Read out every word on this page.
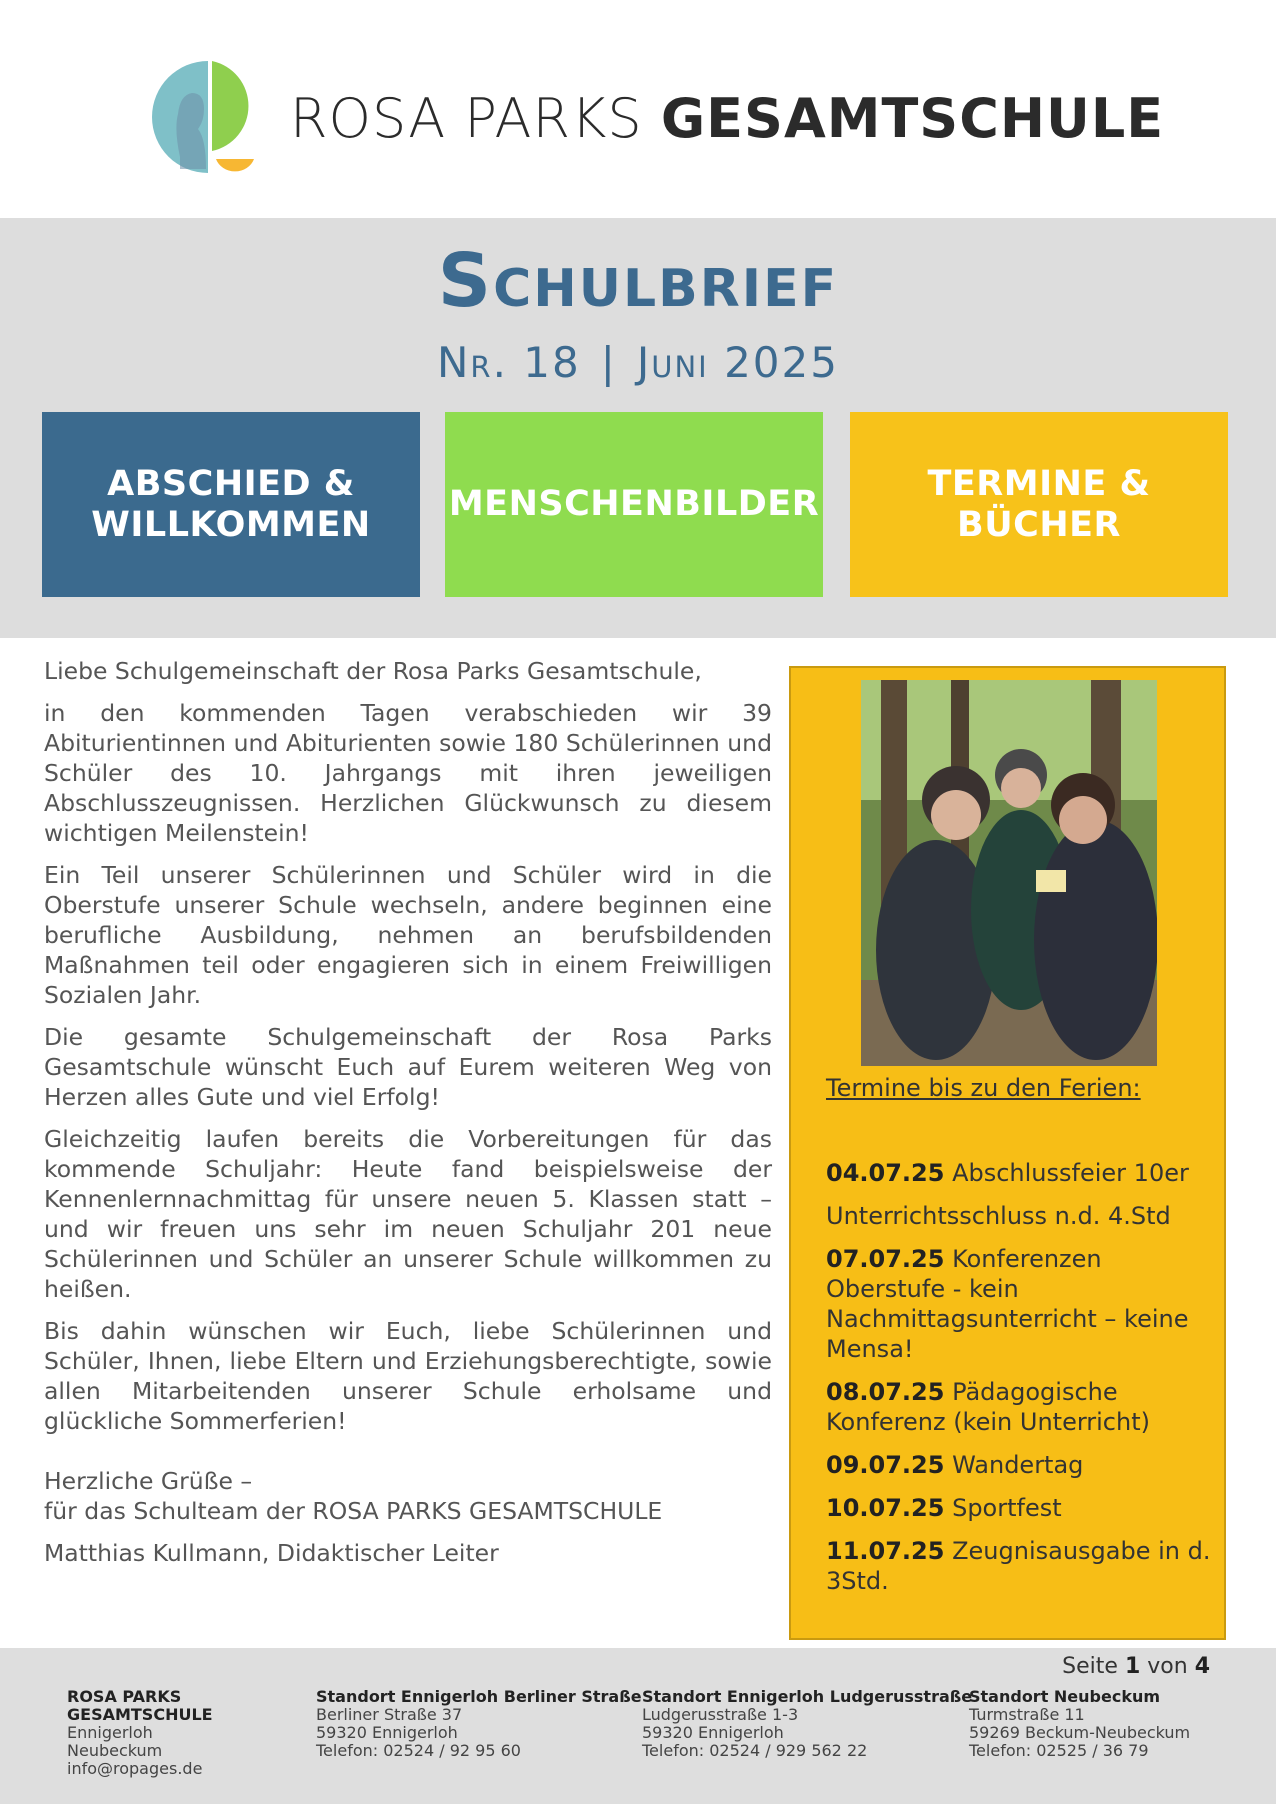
ROSA PARKS GESAMTSCHULE
Schulbrief
Nr. 18 | Juni 2025
ABSCHIED &
WILLKOMMEN
MENSCHENBILDER
TERMINE &
BÜCHER

Liebe Schulgemeinschaft der Rosa Parks Gesamtschule,

in den kommenden Tagen verabschieden wir 39 Abiturientinnen und Abiturienten sowie 180 Schülerinnen und Schüler des 10. Jahrgangs mit ihren jeweiligen Abschlusszeugnissen. Herzlichen Glückwunsch zu diesem wichtigen Meilenstein!

Ein Teil unserer Schülerinnen und Schüler wird in die Oberstufe unserer Schule wechseln, andere beginnen eine berufliche Ausbildung, nehmen an berufsbildenden Maßnahmen teil oder engagieren sich in einem Freiwilligen Sozialen Jahr.

Die gesamte Schulgemeinschaft der Rosa Parks Gesamtschule wünscht Euch auf Eurem weiteren Weg von Herzen alles Gute und viel Erfolg!

Gleichzeitig laufen bereits die Vorbereitungen für das kommende Schuljahr: Heute fand beispielsweise der Kennenlernnachmittag für unsere neuen 5. Klassen statt – und wir freuen uns sehr im neuen Schuljahr 201 neue Schülerinnen und Schüler an unserer Schule willkommen zu heißen.

Bis dahin wünschen wir Euch, liebe Schülerinnen und Schüler, Ihnen, liebe Eltern und Erziehungsberechtigte, sowie allen Mitarbeitenden unserer Schule erholsame und glückliche Sommerferien!

Herzliche Grüße –
für das Schulteam der ROSA PARKS GESAMTSCHULE

Matthias Kullmann, Didaktischer Leiter

Termine bis zu den Ferien:
04.07.25 Abschlussfeier 10er
Unterrichtsschluss n.d. 4.Std
07.07.25 Konferenzen Oberstufe - kein Nachmittagsunterricht – keine Mensa!
08.07.25 Pädagogische Konferenz (kein Unterricht)
09.07.25 Wandertag
10.07.25 Sportfest
11.07.25 Zeugnisausgabe in d. 3Std.
Seite 1 von 4
ROSA PARKS
GESAMTSCHULE
Ennigerloh
Neubeckum
info@ropages.de
Standort Ennigerloh Berliner Straße
Berliner Straße 37
59320 Ennigerloh
Telefon: 02524 / 92 95 60
Standort Ennigerloh Ludgerusstraße
Ludgerusstraße 1-3
59320 Ennigerloh
Telefon: 02524 / 929 562 22
Standort Neubeckum
Turmstraße 11
59269 Beckum-Neubeckum
Telefon: 02525 / 36 79
